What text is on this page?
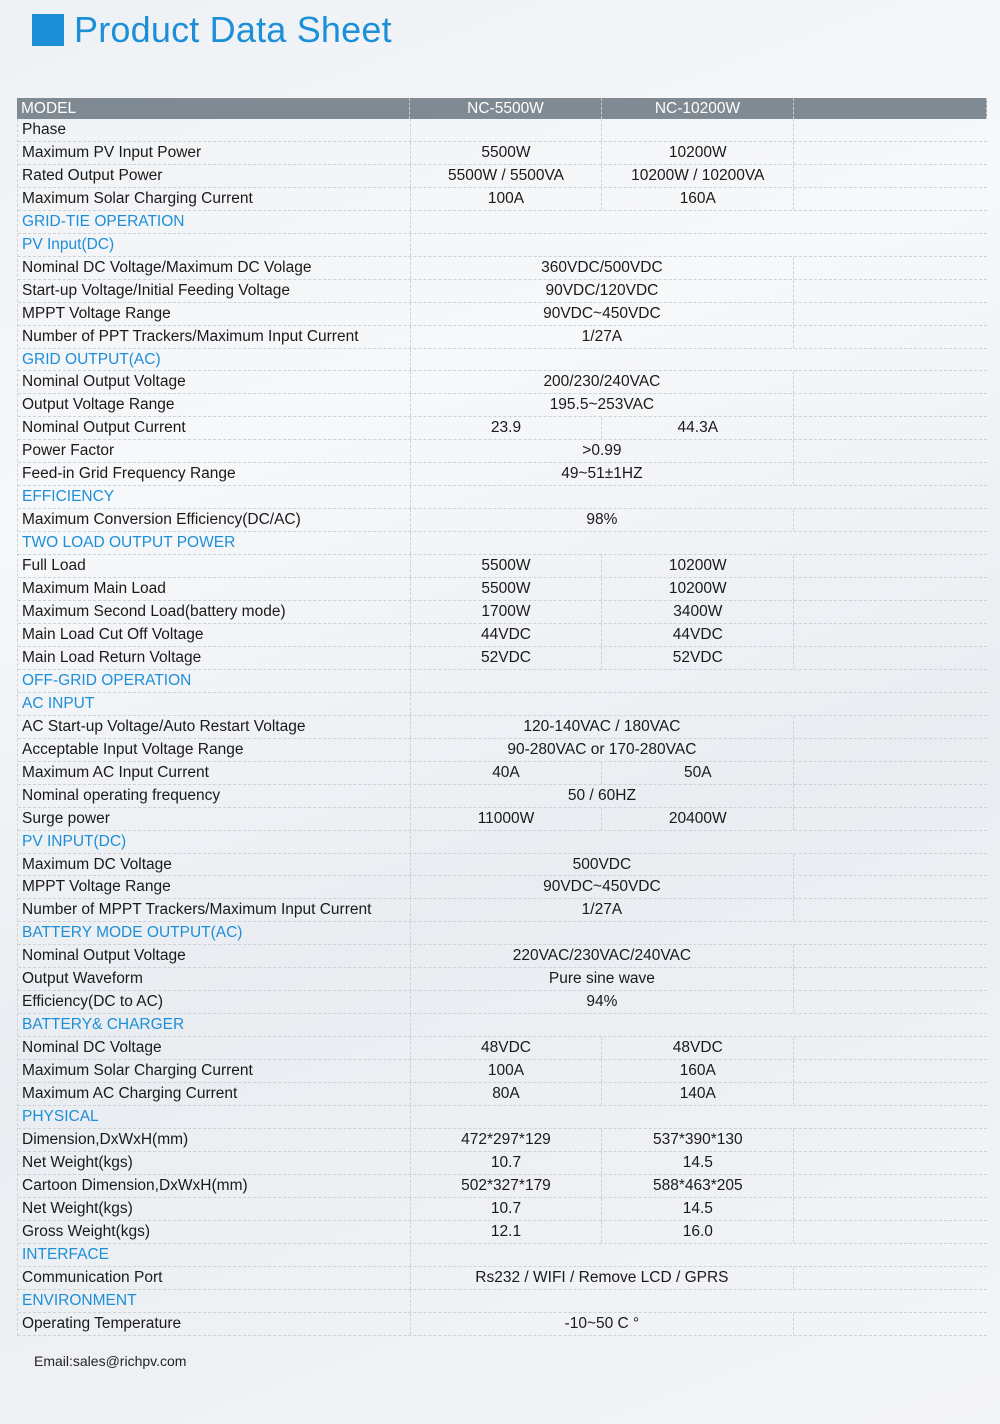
Product Data Sheet
MODEL	NC-5500W	NC-10200W
Phase
Maximum PV Input Power	5500W	10200W
Rated Output Power	5500W / 5500VA	10200W / 10200VA
Maximum Solar Charging Current	100A	160A
GRID-TIE OPERATION
PV Input(DC)
Nominal DC Voltage/Maximum DC Volage	360VDC/500VDC
Start-up Voltage/Initial Feeding Voltage	90VDC/120VDC
MPPT Voltage Range	90VDC~450VDC
Number of PPT Trackers/Maximum Input Current	1/27A
GRID OUTPUT(AC)
Nominal Output Voltage	200/230/240VAC
Output Voltage Range	195.5~253VAC
Nominal Output Current	23.9	44.3A
Power Factor	>0.99
Feed-in Grid Frequency Range	49~51±1HZ
EFFICIENCY
Maximum Conversion Efficiency(DC/AC)	98%
TWO LOAD OUTPUT POWER
Full Load	5500W	10200W
Maximum Main Load	5500W	10200W
Maximum Second Load(battery mode)	1700W	3400W
Main Load Cut Off Voltage	44VDC	44VDC
Main Load Return Voltage	52VDC	52VDC
OFF-GRID OPERATION
AC INPUT
AC Start-up Voltage/Auto Restart Voltage	120-140VAC / 180VAC
Acceptable Input Voltage Range	90-280VAC or 170-280VAC
Maximum AC Input Current	40A	50A
Nominal operating frequency	50 / 60HZ
Surge power	11000W	20400W
PV INPUT(DC)
Maximum DC Voltage	500VDC
MPPT Voltage Range	90VDC~450VDC
Number of MPPT Trackers/Maximum Input Current	1/27A
BATTERY MODE OUTPUT(AC)
Nominal Output Voltage	220VAC/230VAC/240VAC
Output Waveform	Pure sine wave
Efficiency(DC to AC)	94%
BATTERY& CHARGER
Nominal DC Voltage	48VDC	48VDC
Maximum Solar Charging Current	100A	160A
Maximum AC Charging Current	80A	140A
PHYSICAL
Dimension,DxWxH(mm)	472*297*129	537*390*130
Net Weight(kgs)	10.7	14.5
Cartoon Dimension,DxWxH(mm)	502*327*179	588*463*205
Net Weight(kgs)	10.7	14.5
Gross Weight(kgs)	12.1	16.0
INTERFACE
Communication Port	Rs232 / WIFI / Remove LCD / GPRS
ENVIRONMENT
Operating Temperature	-10~50 C °
Email:sales@richpv.com
